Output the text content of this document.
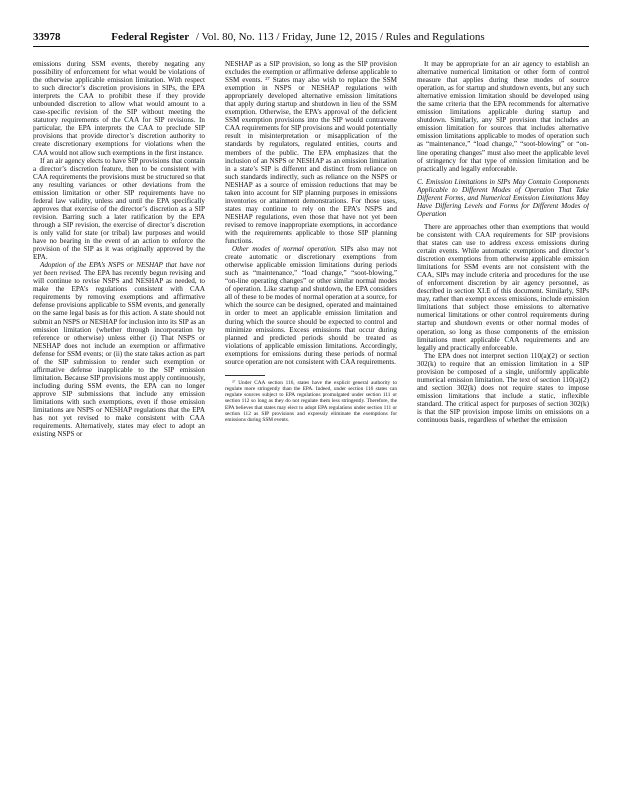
33978	Federal Register / Vol. 80, No. 113 / Friday, June 12, 2015 / Rules and Regulations

emissions during SSM events, thereby negating any possibility of enforcement for what would be violations of the otherwise applicable emission limitation. With respect to such director’s discretion provisions in SIPs, the EPA interprets the CAA to prohibit these if they provide unbounded discretion to allow what would amount to a case-specific revision of the SIP without meeting the statutory requirements of the CAA for SIP revisions. In particular, the EPA interprets the CAA to preclude SIP provisions that provide director’s discretion authority to create discretionary exemptions for violations when the CAA would not allow such exemptions in the first instance.

If an air agency elects to have SIP provisions that contain a director’s discretion feature, then to be consistent with CAA requirements the provisions must be structured so that any resulting variances or other deviations from the emission limitation or other SIP requirements have no federal law validity, unless and until the EPA specifically approves that exercise of the director’s discretion as a SIP revision. Barring such a later ratification by the EPA through a SIP revision, the exercise of director’s discretion is only valid for state (or tribal) law purposes and would have no bearing in the event of an action to enforce the provision of the SIP as it was originally approved by the EPA.

Adoption of the EPA’s NSPS or NESHAP that have not yet been revised. The EPA has recently begun revising and will continue to revise NSPS and NESHAP as needed, to make the EPA’s regulations consistent with CAA requirements by removing exemptions and affirmative defense provisions applicable to SSM events, and generally on the same legal basis as for this action. A state should not submit an NSPS or NESHAP for inclusion into its SIP as an emission limitation (whether through incorporation by reference or otherwise) unless either (i) That NSPS or NESHAP does not include an exemption or affirmative defense for SSM events; or (ii) the state takes action as part of the SIP submission to render such exemption or affirmative defense inapplicable to the SIP emission limitation. Because SIP provisions must apply continuously, including during SSM events, the EPA can no longer approve SIP submissions that include any emission limitations with such exemptions, even if those emission limitations are NSPS or NESHAP regulations that the EPA has not yet revised to make consistent with CAA requirements. Alternatively, states may elect to adopt an existing NSPS or

NESHAP as a SIP provision, so long as the SIP provision excludes the exemption or affirmative defense applicable to SSM events. ²⁷ States may also wish to replace the SSM exemption in NSPS or NESHAP regulations with appropriately developed alternative emission limitations that apply during startup and shutdown in lieu of the SSM exemption. Otherwise, the EPA’s approval of the deficient SSM exemption provisions into the SIP would contravene CAA requirements for SIP provisions and would potentially result in misinterpretation or misapplication of the standards by regulators, regulated entities, courts and members of the public. The EPA emphasizes that the inclusion of an NSPS or NESHAP as an emission limitation in a state’s SIP is different and distinct from reliance on such standards indirectly, such as reliance on the NSPS or NESHAP as a source of emission reductions that may be taken into account for SIP planning purposes in emissions inventories or attainment demonstrations. For those uses, states may continue to rely on the EPA’s NSPS and NESHAP regulations, even those that have not yet been revised to remove inappropriate exemptions, in accordance with the requirements applicable to those SIP planning functions.

Other modes of normal operation. SIPs also may not create automatic or discretionary exemptions from otherwise applicable emission limitations during periods such as “maintenance,” “load change,” “soot-blowing,” “on-line operating changes” or other similar normal modes of operation. Like startup and shutdown, the EPA considers all of these to be modes of normal operation at a source, for which the source can be designed, operated and maintained in order to meet an applicable emission limitation and during which the source should be expected to control and minimize emissions. Excess emissions that occur during planned and predicted periods should be treated as violations of applicable emission limitations. Accordingly, exemptions for emissions during these periods of normal source operation are not consistent with CAA requirements.

²⁷ Under CAA section 116, states have the explicit general authority to regulate more stringently than the EPA. Indeed, under section 116 states can regulate sources subject to EPA regulations promulgated under section 111 or section 112 so long as they do not regulate them less stringently. Therefore, the EPA believes that states may elect to adopt EPA regulations under section 111 or section 112 as SIP provisions and expressly eliminate the exemptions for emissions during SSM events.

It may be appropriate for an air agency to establish an alternative numerical limitation or other form of control measure that applies during these modes of source operation, as for startup and shutdown events, but any such alternative emission limitation should be developed using the same criteria that the EPA recommends for alternative emission limitations applicable during startup and shutdown. Similarly, any SIP provision that includes an emission limitation for sources that includes alternative emission limitations applicable to modes of operation such as “maintenance,” “load change,” “soot-blowing” or “on-line operating changes” must also meet the applicable level of stringency for that type of emission limitation and be practically and legally enforceable.

C. Emission Limitations in SIPs May Contain Components Applicable to Different Modes of Operation That Take Different Forms, and Numerical Emission Limitations May Have Differing Levels and Forms for Different Modes of Operation

There are approaches other than exemptions that would be consistent with CAA requirements for SIP provisions that states can use to address excess emissions during certain events. While automatic exemptions and director’s discretion exemptions from otherwise applicable emission limitations for SSM events are not consistent with the CAA, SIPs may include criteria and procedures for the use of enforcement discretion by air agency personnel, as described in section XI.E of this document. Similarly, SIPs may, rather than exempt excess emissions, include emission limitations that subject those emissions to alternative numerical limitations or other control requirements during startup and shutdown events or other normal modes of operation, so long as those components of the emission limitations meet applicable CAA requirements and are legally and practically enforceable.

The EPA does not interpret section 110(a)(2) or section 302(k) to require that an emission limitation in a SIP provision be composed of a single, uniformly applicable numerical emission limitation. The text of section 110(a)(2) and section 302(k) does not require states to impose emission limitations that include a static, inflexible standard. The critical aspect for purposes of section 302(k) is that the SIP provision impose limits on emissions on a continuous basis, regardless of whether the emission
